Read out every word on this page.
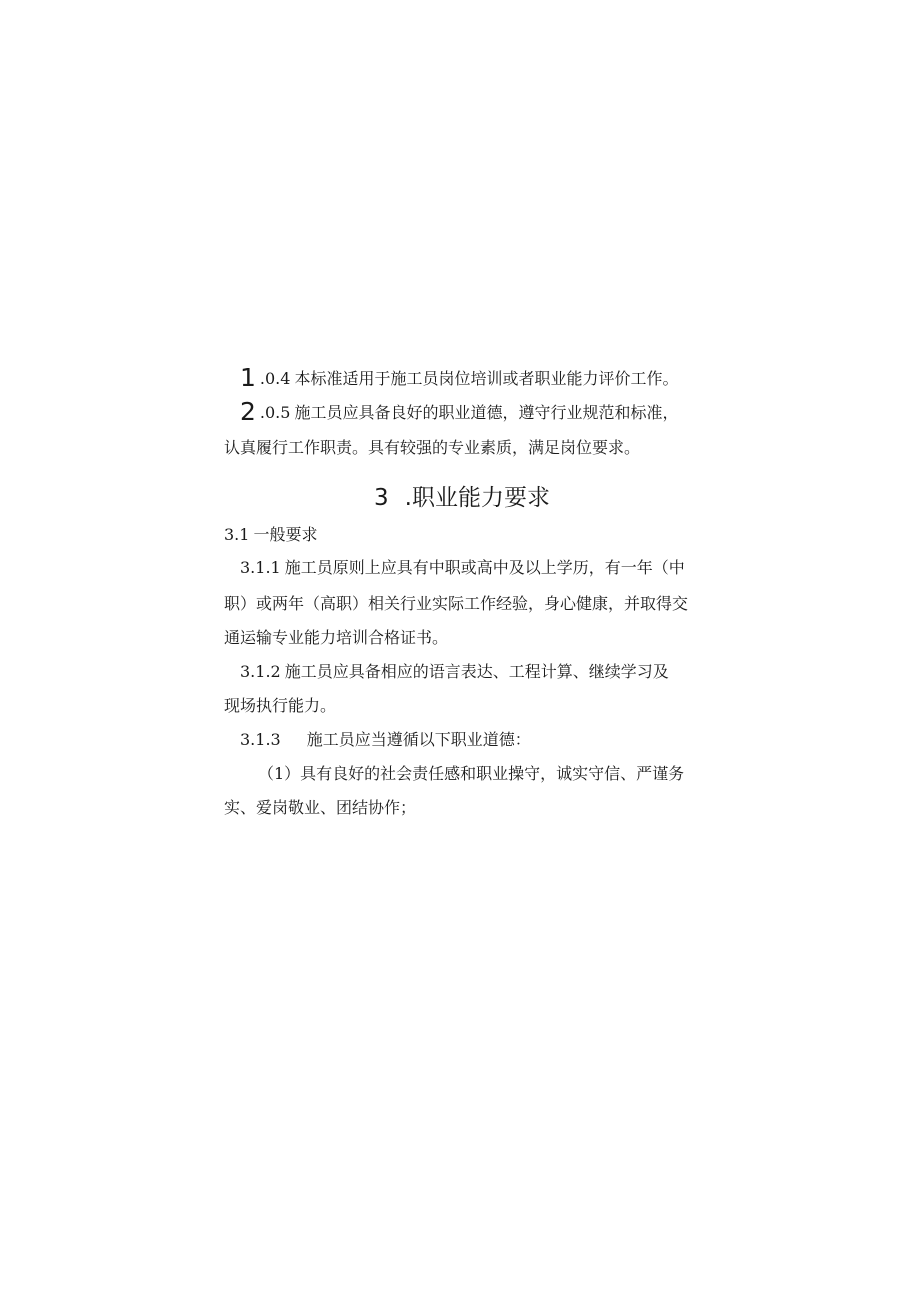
1 .0.4 本标准适用于施工员岗位培训或者职业能力评价工作。
2 .0.5 施工员应具备良好的职业道德，遵守行业规范和标准，
认真履行工作职责。具有较强的专业素质，满足岗位要求。
3 .职业能力要求
3.1 一般要求
3.1.1 施工员原则上应具有中职或高中及以上学历，有一年（中
职）或两年（高职）相关行业实际工作经验，身心健康，并取得交
通运输专业能力培训合格证书。
3.1.2 施工员应具备相应的语言表达、工程计算、继续学习及
现场执行能力。
3.1.3 施工员应当遵循以下职业道德：
（1）具有良好的社会责任感和职业操守，诚实守信、严谨务
实、爱岗敬业、团结协作；
